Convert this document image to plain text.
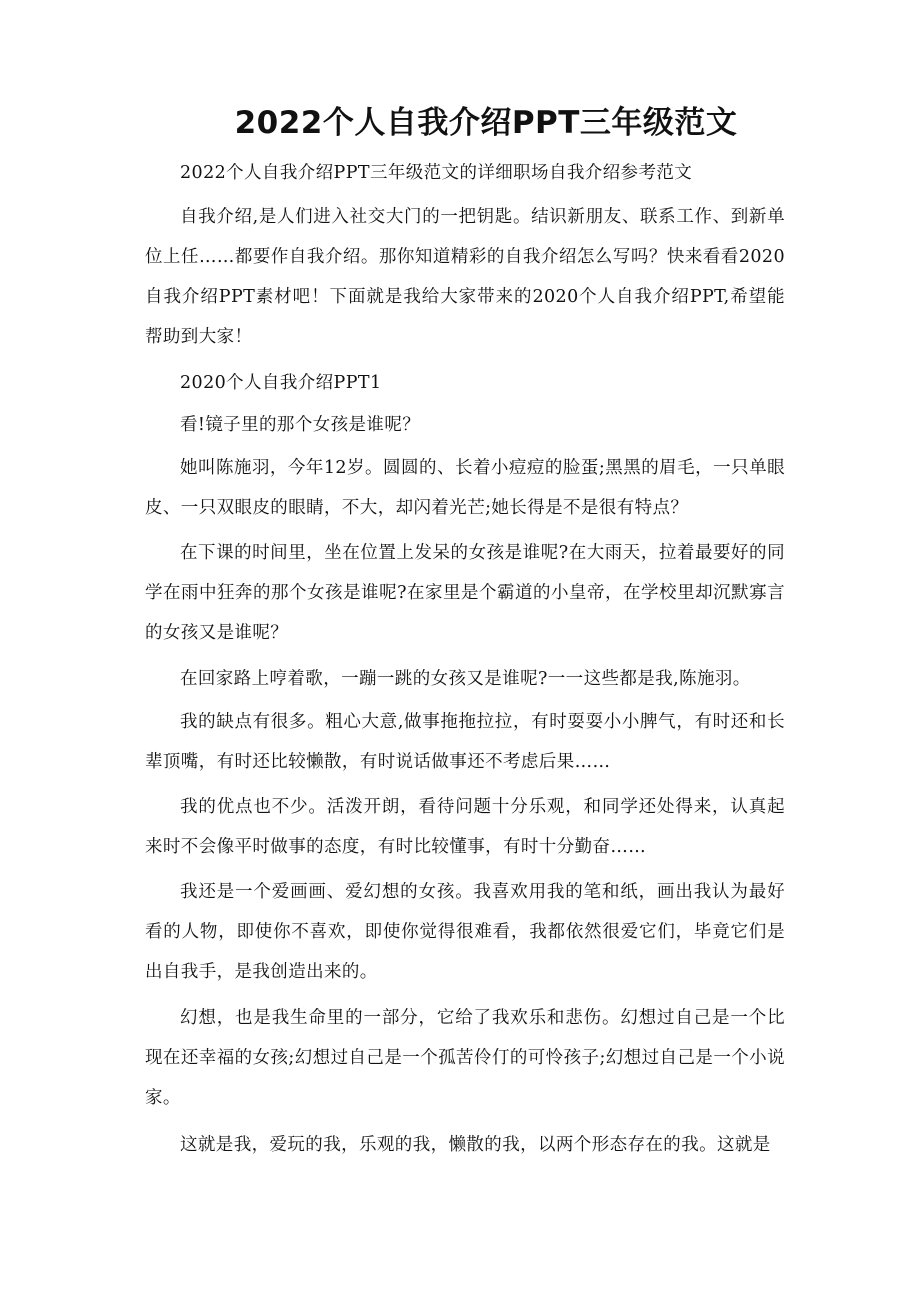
2022个人自我介绍PPT三年级范文

2022个人自我介绍PPT三年级范文的详细职场自我介绍参考范文

自我介绍,是人们进入社交大门的一把钥匙。结识新朋友、联系工作、到新单位上任……都要作自我介绍。那你知道精彩的自我介绍怎么写吗？快来看看2020自我介绍PPT素材吧！下面就是我给大家带来的2020个人自我介绍PPT,希望能帮助到大家！

2020个人自我介绍PPT1

看!镜子里的那个女孩是谁呢？

她叫陈施羽，今年12岁。圆圆的、长着小痘痘的脸蛋;黑黑的眉毛，一只单眼皮、一只双眼皮的眼睛，不大，却闪着光芒;她长得是不是很有特点？

在下课的时间里，坐在位置上发呆的女孩是谁呢?在大雨天，拉着最要好的同学在雨中狂奔的那个女孩是谁呢?在家里是个霸道的小皇帝，在学校里却沉默寡言的女孩又是谁呢？

在回家路上哼着歌，一蹦一跳的女孩又是谁呢?一一这些都是我,陈施羽。

我的缺点有很多。粗心大意,做事拖拖拉拉，有时耍耍小小脾气，有时还和长辈顶嘴，有时还比较懒散，有时说话做事还不考虑后果……

我的优点也不少。活泼开朗，看待问题十分乐观，和同学还处得来，认真起来时不会像平时做事的态度，有时比较懂事，有时十分勤奋……

我还是一个爱画画、爱幻想的女孩。我喜欢用我的笔和纸，画出我认为最好看的人物，即使你不喜欢，即使你觉得很难看，我都依然很爱它们，毕竟它们是出自我手，是我创造出来的。

幻想，也是我生命里的一部分，它给了我欢乐和悲伤。幻想过自己是一个比现在还幸福的女孩;幻想过自己是一个孤苦伶仃的可怜孩子;幻想过自己是一个小说家。

这就是我，爱玩的我，乐观的我，懒散的我，以两个形态存在的我。这就是
